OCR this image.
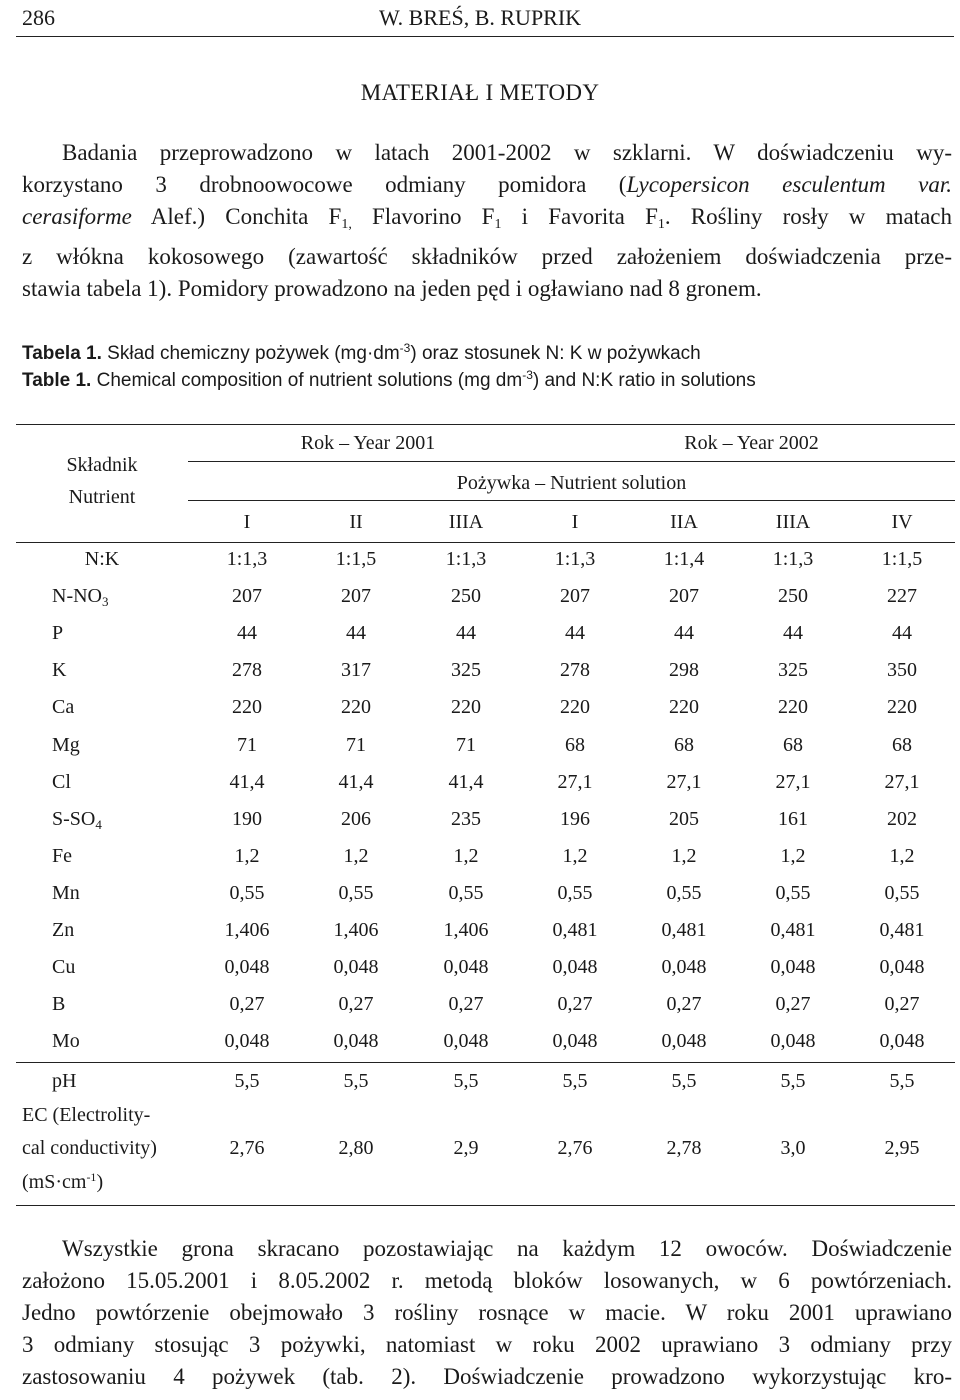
286	W. BREŚ, B. RUPRIK
MATERIAŁ I METODY
Badania przeprowadzono w latach 2001-2002 w szklarni. W doświadczeniu wy-
korzystano 3 drobnoowocowe odmiany pomidora (Lycopersicon esculentum var.
cerasiforme Alef.) Conchita $F_{1,}$ Flavorino $F_1$ i Favorita $F_1$. Rośliny rosły w matach
z włókna kokosowego (zawartość składników przed założeniem doświadczenia prze-
stawia tabela 1). Pomidory prowadzono na jeden pęd i ogławiano nad 8 gronem.
Tabela 1. Skład chemiczny pożywek $(mg\cdot dm^{-3})$ oraz stosunek N: K w pożywkach
Table 1. Chemical composition of nutrient solutions (mg $dm^{-3}$) and N:K ratio in solutions
Składnik
Nutrient
Rok – Year 2001	Rok – Year 2002
Pożywka – Nutrient solution
I	II	IIIA	I	IIA	IIIA	IV
N:K	1:1,3	1:1,5	1:1,3	1:1,3	1:1,4	1:1,3	1:1,5
$N-NO_3$	207	207	250	207	207	250	227
P	44	44	44	44	44	44	44
K	278	317	325	278	298	325	350
Ca	220	220	220	220	220	220	220
Mg	71	71	71	68	68	68	68
Cl	41,4	41,4	41,4	27,1	27,1	27,1	27,1
$S-SO_4$	190	206	235	196	205	161	202
Fe	1,2	1,2	1,2	1,2	1,2	1,2	1,2
Mn	0,55	0,55	0,55	0,55	0,55	0,55	0,55
Zn	1,406	1,406	1,406	0,481	0,481	0,481	0,481
Cu	0,048	0,048	0,048	0,048	0,048	0,048	0,048
B	0,27	0,27	0,27	0,27	0,27	0,27	0,27
Mo	0,048	0,048	0,048	0,048	0,048	0,048	0,048
pH	5,5	5,5	5,5	5,5	5,5	5,5	5,5
EC (Electrolity-
cal conductivity)
$(mS\cdot cm^{-1})$
2,76	2,80	2,9	2,76	2,78	3,0	2,95
Wszystkie grona skracano pozostawiając na każdym 12 owoców. Doświadczenie
założono 15.05.2001 i 8.05.2002 r. metodą bloków losowanych, w 6 powtórzeniach.
Jedno powtórzenie obejmowało 3 rośliny rosnące w macie. W roku 2001 uprawiano
3 odmiany stosując 3 pożywki, natomiast w roku 2002 uprawiano 3 odmiany przy
zastosowaniu 4 pożywek (tab. 2). Doświadczenie prowadzono wykorzystując kro-
